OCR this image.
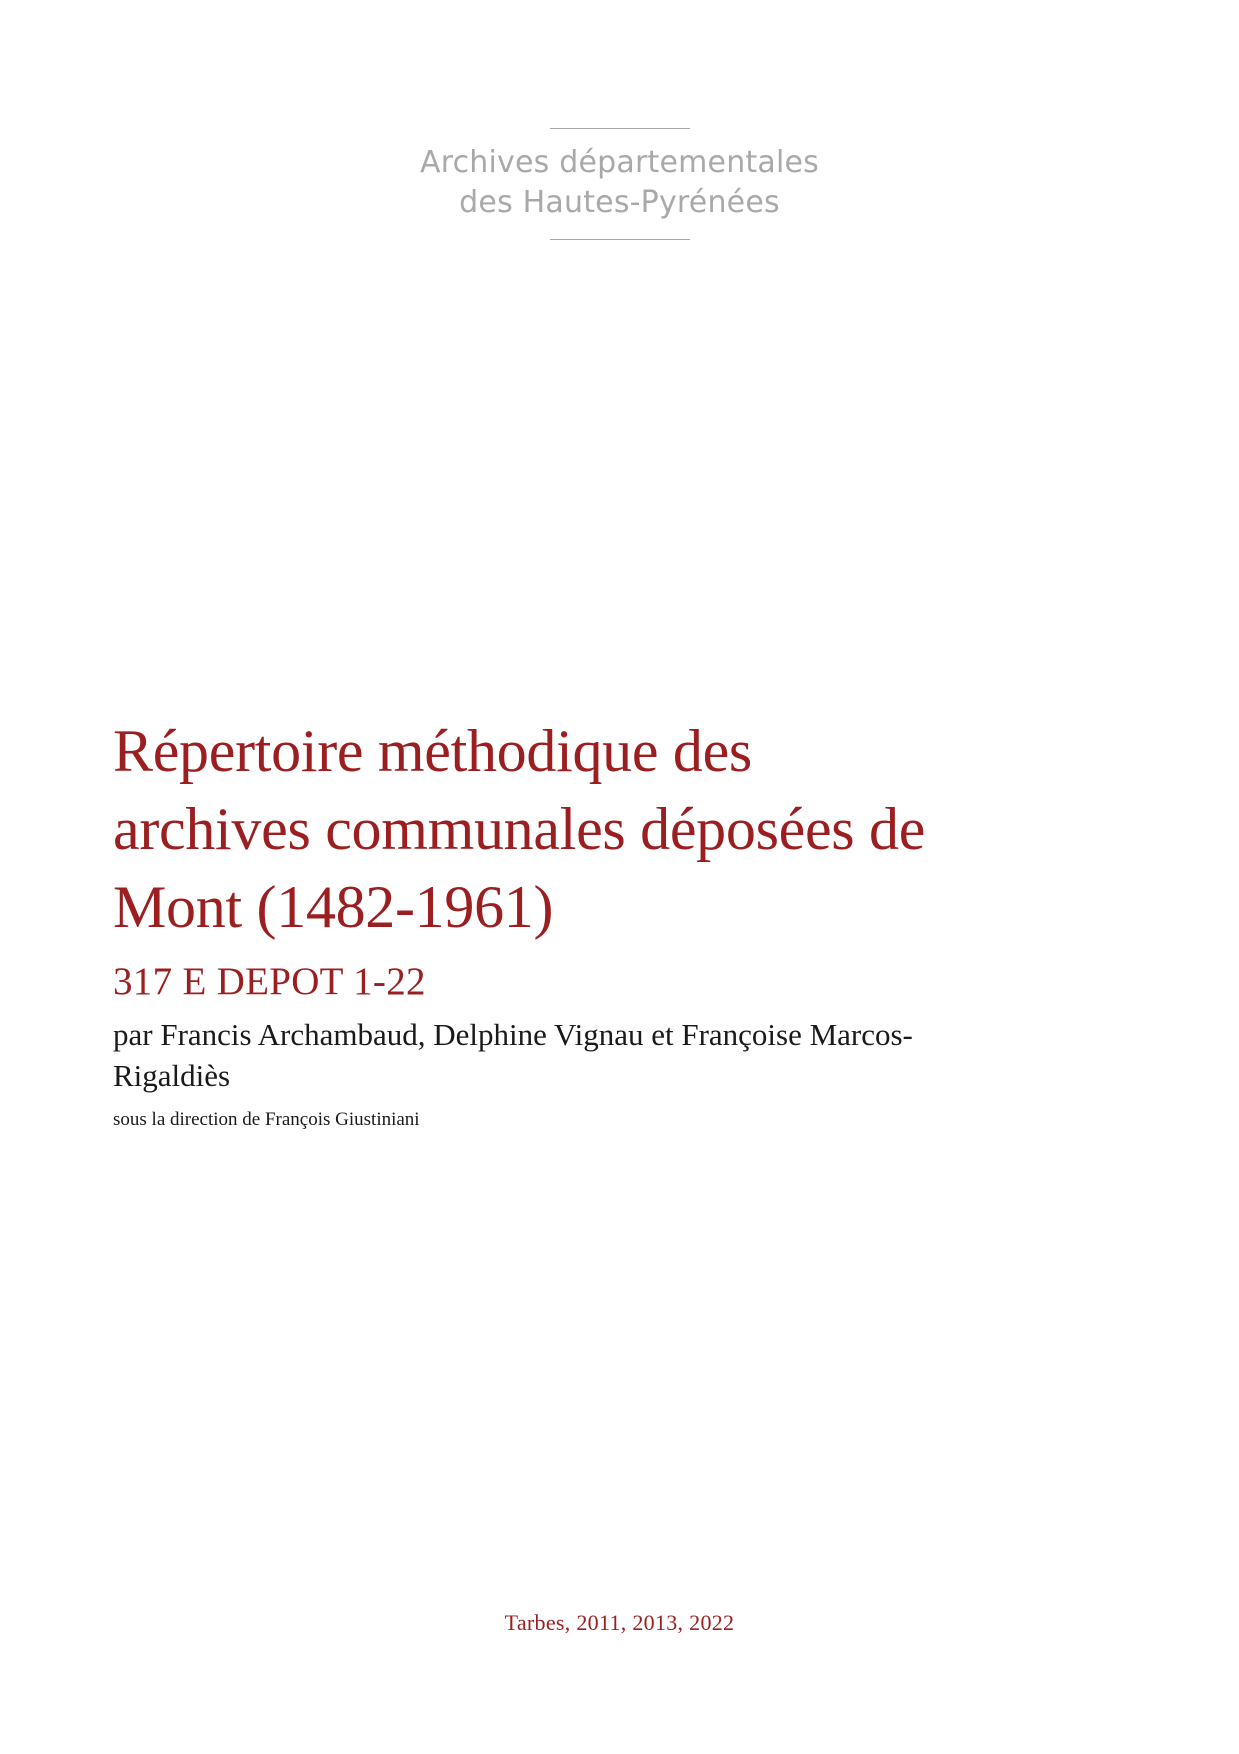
Archives départementales
des Hautes-Pyrénées
Répertoire méthodique des archives communales déposées de Mont (1482-1961)
317 E DEPOT 1-22
par Francis Archambaud, Delphine Vignau et Françoise Marcos-Rigaldiès
sous la direction de François Giustiniani
Tarbes, 2011, 2013, 2022
